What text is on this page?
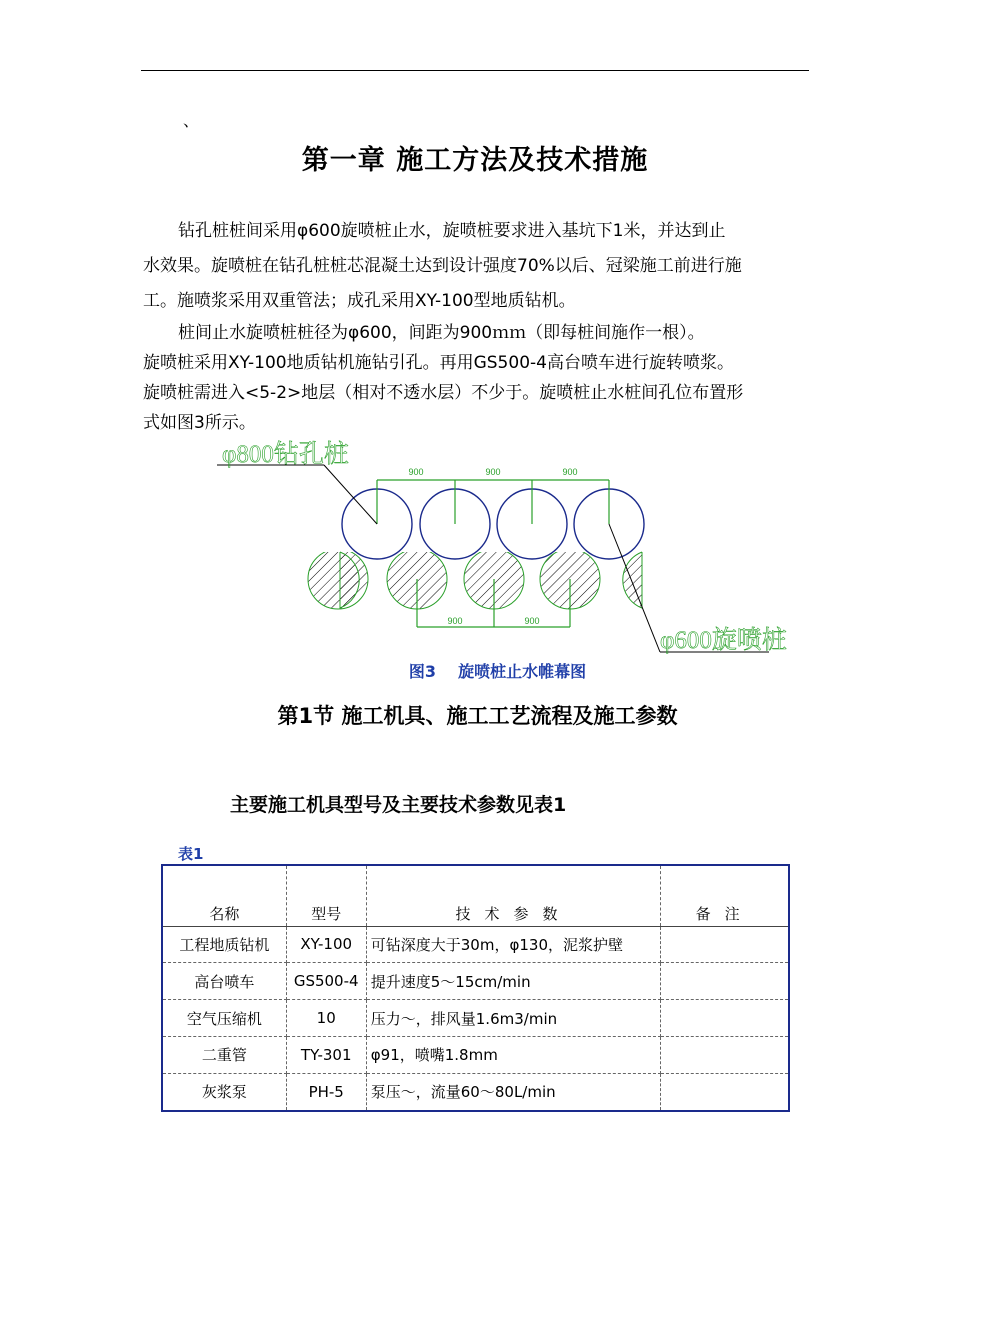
、
第一章 施工方法及技术措施
钻孔桩桩间采用φ600旋喷桩止水，旋喷桩要求进入基坑下1米，并达到止
水效果。旋喷桩在钻孔桩桩芯混凝土达到设计强度70%以后、冠梁施工前进行施
工。施喷浆采用双重管法；成孔采用XY-100型地质钻机。
桩间止水旋喷桩桩径为φ600，间距为900ｍｍ（即每桩间施作一根）。
旋喷桩采用XY-100地质钻机施钻引孔。再用GS500-4高台喷车进行旋转喷浆。
旋喷桩需进入<5-2>地层（相对不透水层）不少于。旋喷桩止水桩间孔位布置形
式如图3所示。
900	900	900
900	900
φ800钻孔桩
φ600旋喷桩
图3 旋喷桩止水帷幕图
第1节 施工机具、施工工艺流程及施工参数
主要施工机具型号及主要技术参数见表1
表1
名称	型号	技术参数	备注
工程地质钻机	XY-100	可钻深度大于30m，φ130，泥浆护壁	
高台喷车	GS500-4	提升速度5～15cm/min	
空气压缩机	10	压力～，排风量1.6m3/min	
二重管	TY-301	φ91，喷嘴1.8mm	
灰浆泵	PH-5	泵压～，流量60～80L/min	
